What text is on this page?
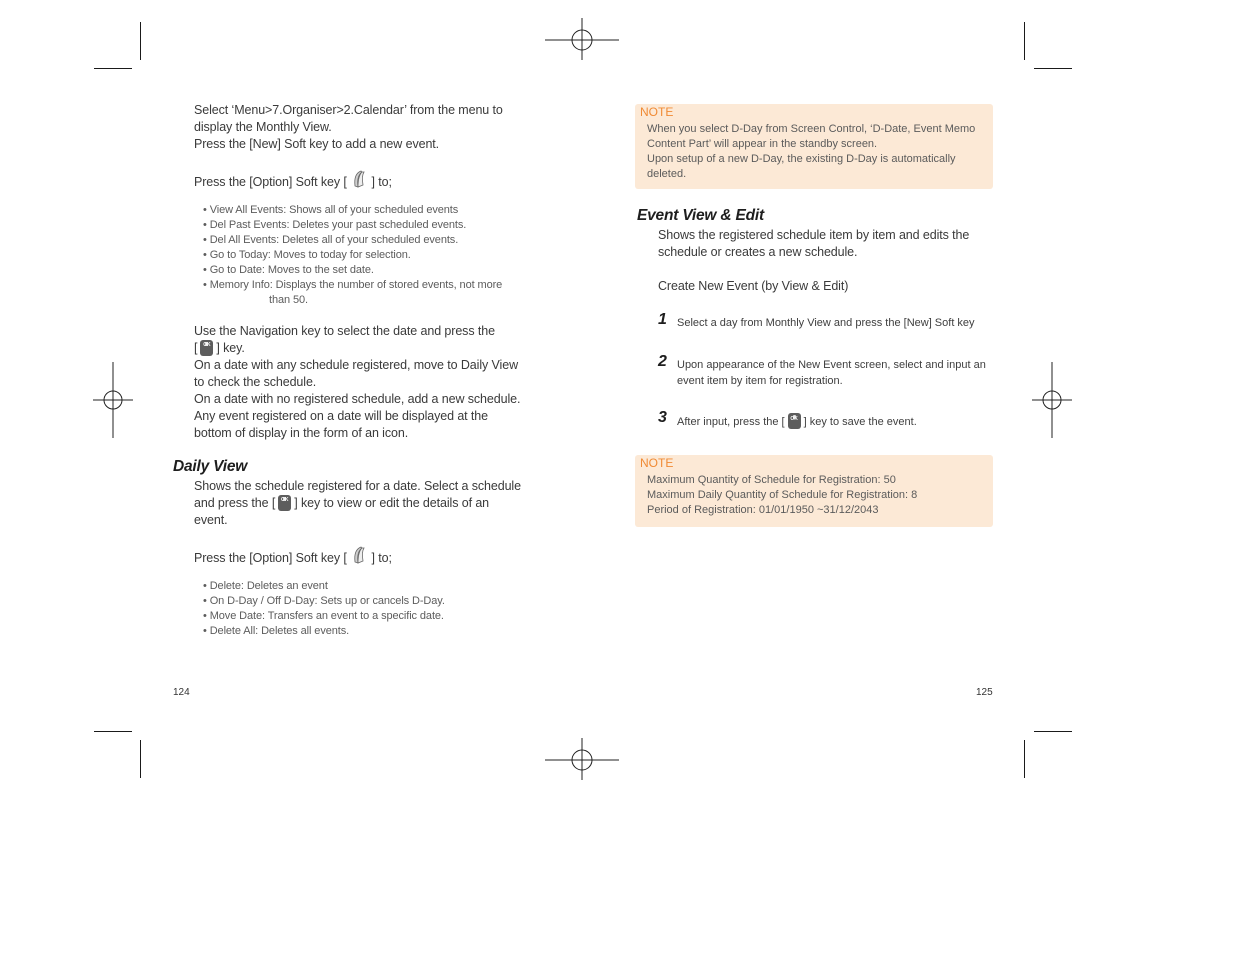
Select ‘Menu>7.Organiser>2.Calendar’ from the menu to
display the Monthly View.
Press the [New] Soft key to add a new event.
Press the [Option] Soft key [ ] to;
• View All Events: Shows all of your scheduled events
• Del Past Events: Deletes your past scheduled events.
• Del All Events: Deletes all of your scheduled events.
• Go to Today: Moves to today for selection.
• Go to Date: Moves to the set date.
• Memory Info: Displays the number of stored events, not more
than 50.
Use the Navigation key to select the date and press the
[ OK ] key.
On a date with any schedule registered, move to Daily View
to check the schedule.
On a date with no registered schedule, add a new schedule.
Any event registered on a date will be displayed at the
bottom of display in the form of an icon.
Daily View
Shows the schedule registered for a date. Select a schedule
and press the [ OK ] key to view or edit the details of an
event.
Press the [Option] Soft key [ ] to;
• Delete: Deletes an event
• On D-Day / Off D-Day: Sets up or cancels D-Day.
• Move Date: Transfers an event to a specific date.
• Delete All: Deletes all events.
124
NOTE
When you select D-Day from Screen Control, ‘D-Date, Event Memo
Content Part’ will appear in the standby screen.
Upon setup of a new D-Day, the existing D-Day is automatically
deleted.
Event View & Edit
Shows the registered schedule item by item and edits the
schedule or creates a new schedule.
Create New Event (by View & Edit)
1 Select a day from Monthly View and press the [New] Soft key
2 Upon appearance of the New Event screen, select and input an
event item by item for registration.
3 After input, press the [ OK ] key to save the event.
NOTE
Maximum Quantity of Schedule for Registration: 50
Maximum Daily Quantity of Schedule for Registration: 8
Period of Registration: 01/01/1950 ~31/12/2043
125
